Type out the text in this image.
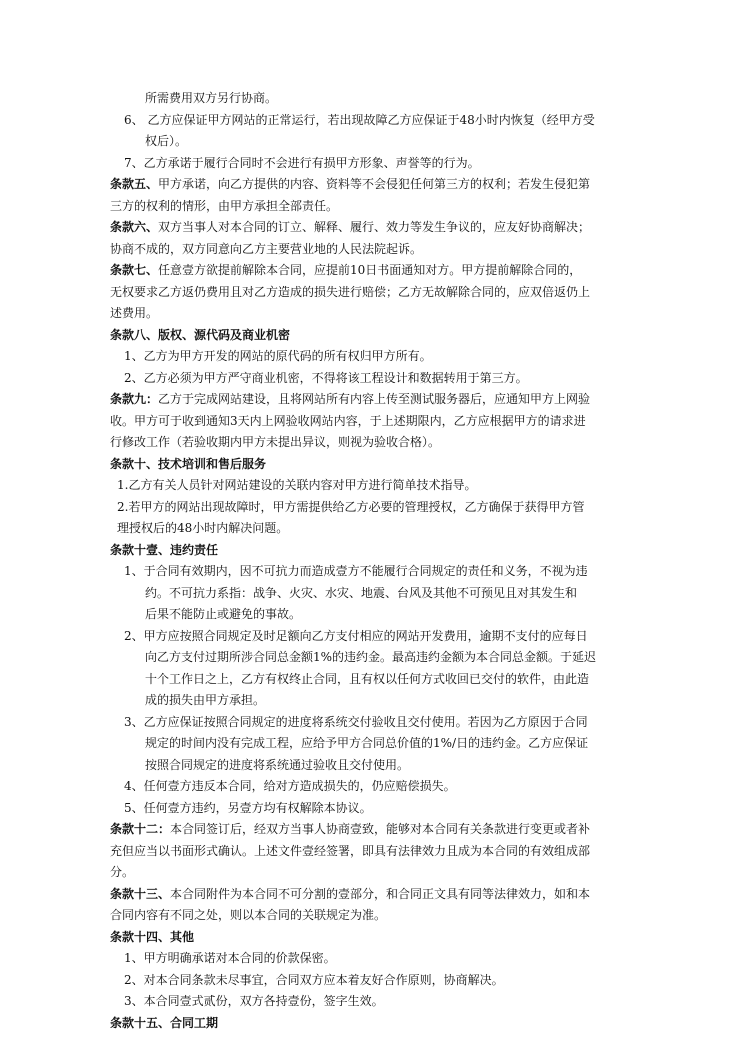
所需费用双方另行协商。
6、 乙方应保证甲方网站的正常运行，若出现故障乙方应保证于48小时内恢复（经甲方受
权后）。
7、乙方承诺于履行合同时不会进行有损甲方形象、声誉等的行为。
条款五、甲方承诺，向乙方提供的内容、资料等不会侵犯任何第三方的权利；若发生侵犯第
三方的权利的情形，由甲方承担全部责任。
条款六、双方当事人对本合同的订立、解释、履行、效力等发生争议的，应友好协商解决；
协商不成的，双方同意向乙方主要营业地的人民法院起诉。
条款七、任意壹方欲提前解除本合同，应提前10日书面通知对方。甲方提前解除合同的，
无权要求乙方返仍费用且对乙方造成的损失进行赔偿；乙方无故解除合同的，应双倍返仍上
述费用。
条款八、版权、源代码及商业机密
1、乙方为甲方开发的网站的原代码的所有权归甲方所有。
2、乙方必须为甲方严守商业机密，不得将该工程设计和数据转用于第三方。
条款九：乙方于完成网站建设，且将网站所有内容上传至测试服务器后，应通知甲方上网验
收。甲方可于收到通知3天内上网验收网站内容，于上述期限内，乙方应根据甲方的请求进
行修改工作（若验收期内甲方未提出异议，则视为验收合格）。
条款十、技术培训和售后服务
1.乙方有关人员针对网站建设的关联内容对甲方进行简单技术指导。
2.若甲方的网站出现故障时，甲方需提供给乙方必要的管理授权，乙方确保于获得甲方管
理授权后的48小时内解决问题。
条款十壹、违约责任
1、于合同有效期内，因不可抗力而造成壹方不能履行合同规定的责任和义务，不视为违
约。不可抗力系指：战争、火灾、水灾、地震、台风及其他不可预见且对其发生和
后果不能防止或避免的事故。
2、甲方应按照合同规定及时足额向乙方支付相应的网站开发费用，逾期不支付的应每日
向乙方支付过期所涉合同总金额1%的违约金。最高违约金额为本合同总金额。于延迟
十个工作日之上，乙方有权终止合同，且有权以任何方式收回已交付的软件，由此造
成的损失由甲方承担。
3、乙方应保证按照合同规定的进度将系统交付验收且交付使用。若因为乙方原因于合同
规定的时间内没有完成工程，应给予甲方合同总价值的1%/日的违约金。乙方应保证
按照合同规定的进度将系统通过验收且交付使用。
4、任何壹方违反本合同，给对方造成损失的，仍应赔偿损失。
5、任何壹方违约，另壹方均有权解除本协议。
条款十二：本合同签订后，经双方当事人协商壹致，能够对本合同有关条款进行变更或者补
充但应当以书面形式确认。上述文件壹经签署，即具有法律效力且成为本合同的有效组成部
分。
条款十三、本合同附件为本合同不可分割的壹部分，和合同正文具有同等法律效力，如和本
合同内容有不同之处，则以本合同的关联规定为准。
条款十四、其他
1、甲方明确承诺对本合同的价款保密。
2、对本合同条款未尽事宜，合同双方应本着友好合作原则，协商解决。
3、本合同壹式贰份，双方各持壹份，签字生效。
条款十五、合同工期
